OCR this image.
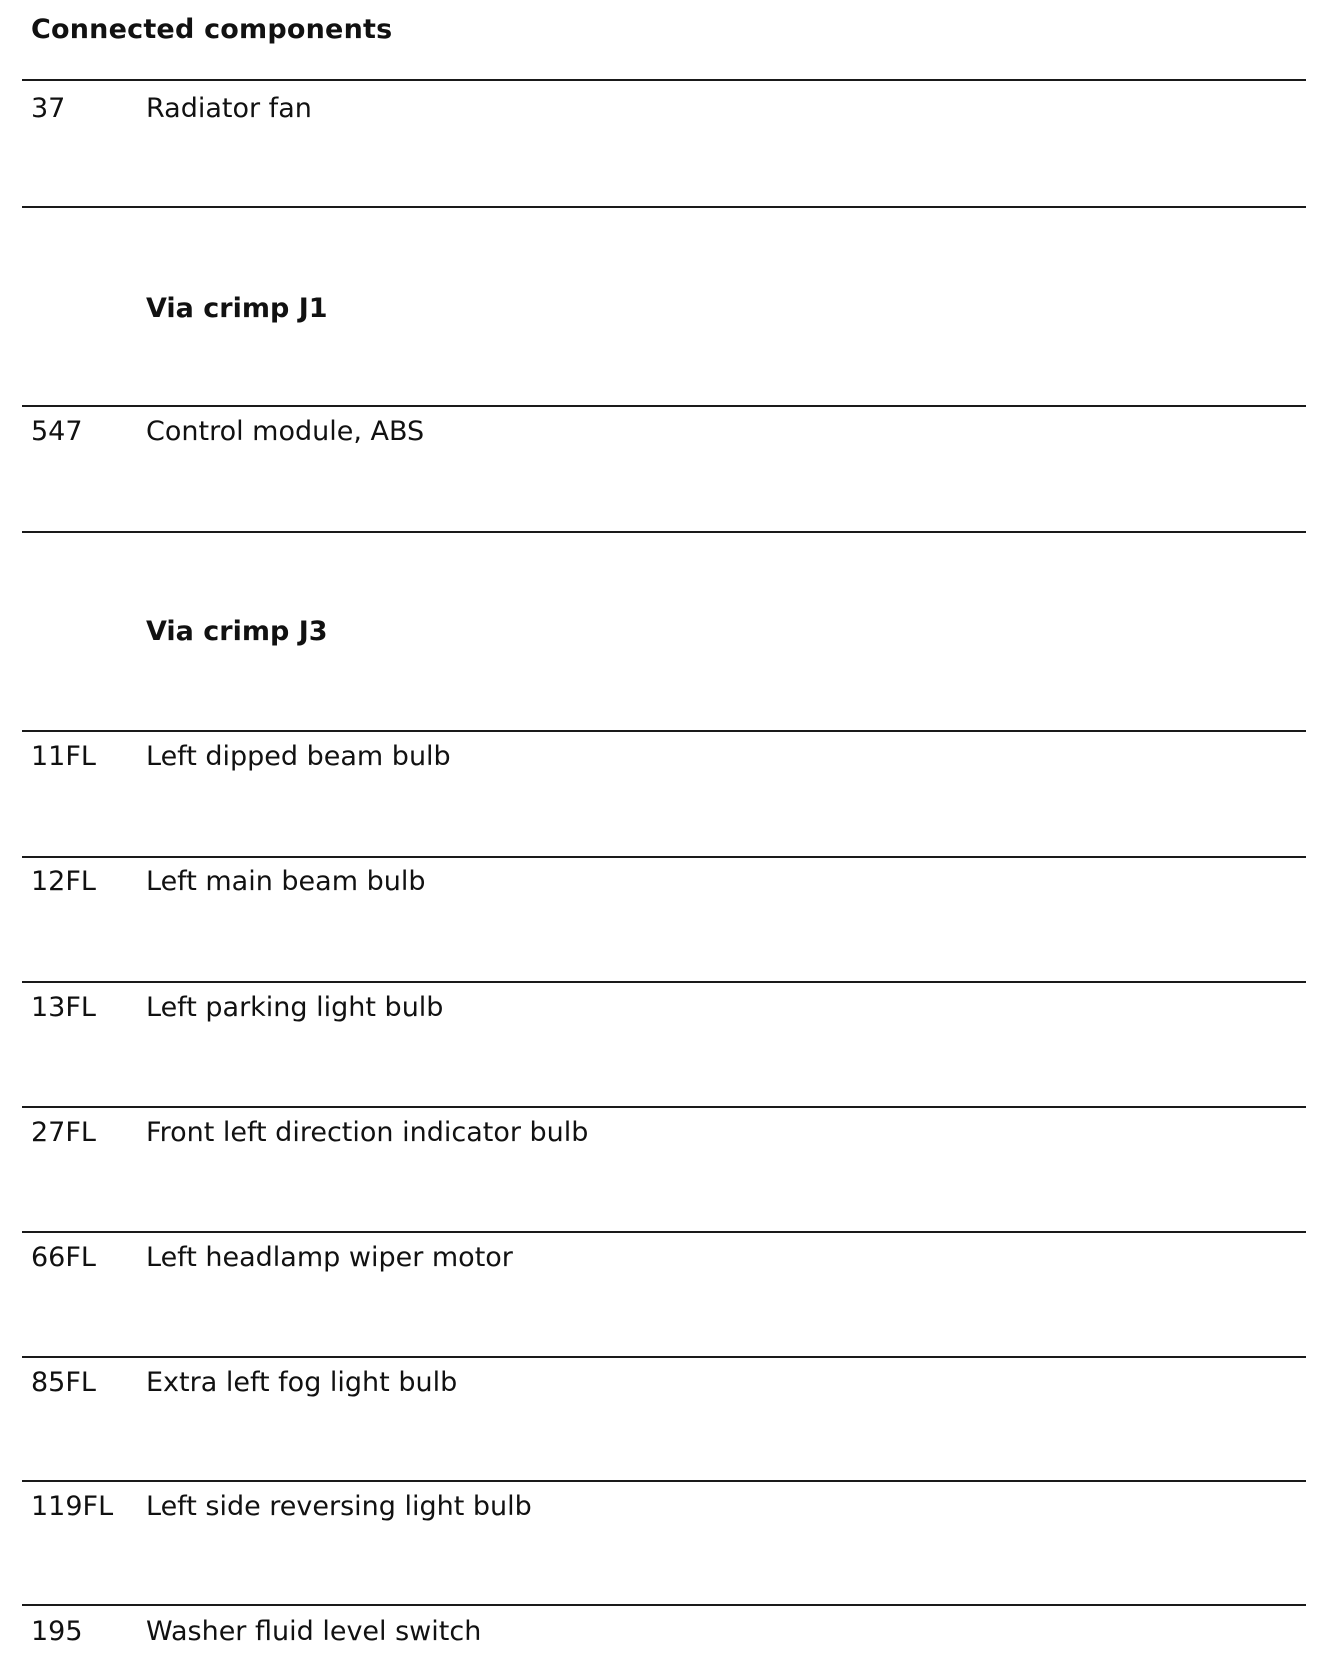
Connected components
37	Radiator fan
Via crimp J1
547 Control module, ABS
Via crimp J3
11FL Left dipped beam bulb
12FL Left main beam bulb
13FL Left parking light bulb
27FL Front left direction indicator bulb
66FL Left headlamp wiper motor
85FL Extra left fog light bulb
119FL Left side reversing light bulb
195 Washer fluid level switch
